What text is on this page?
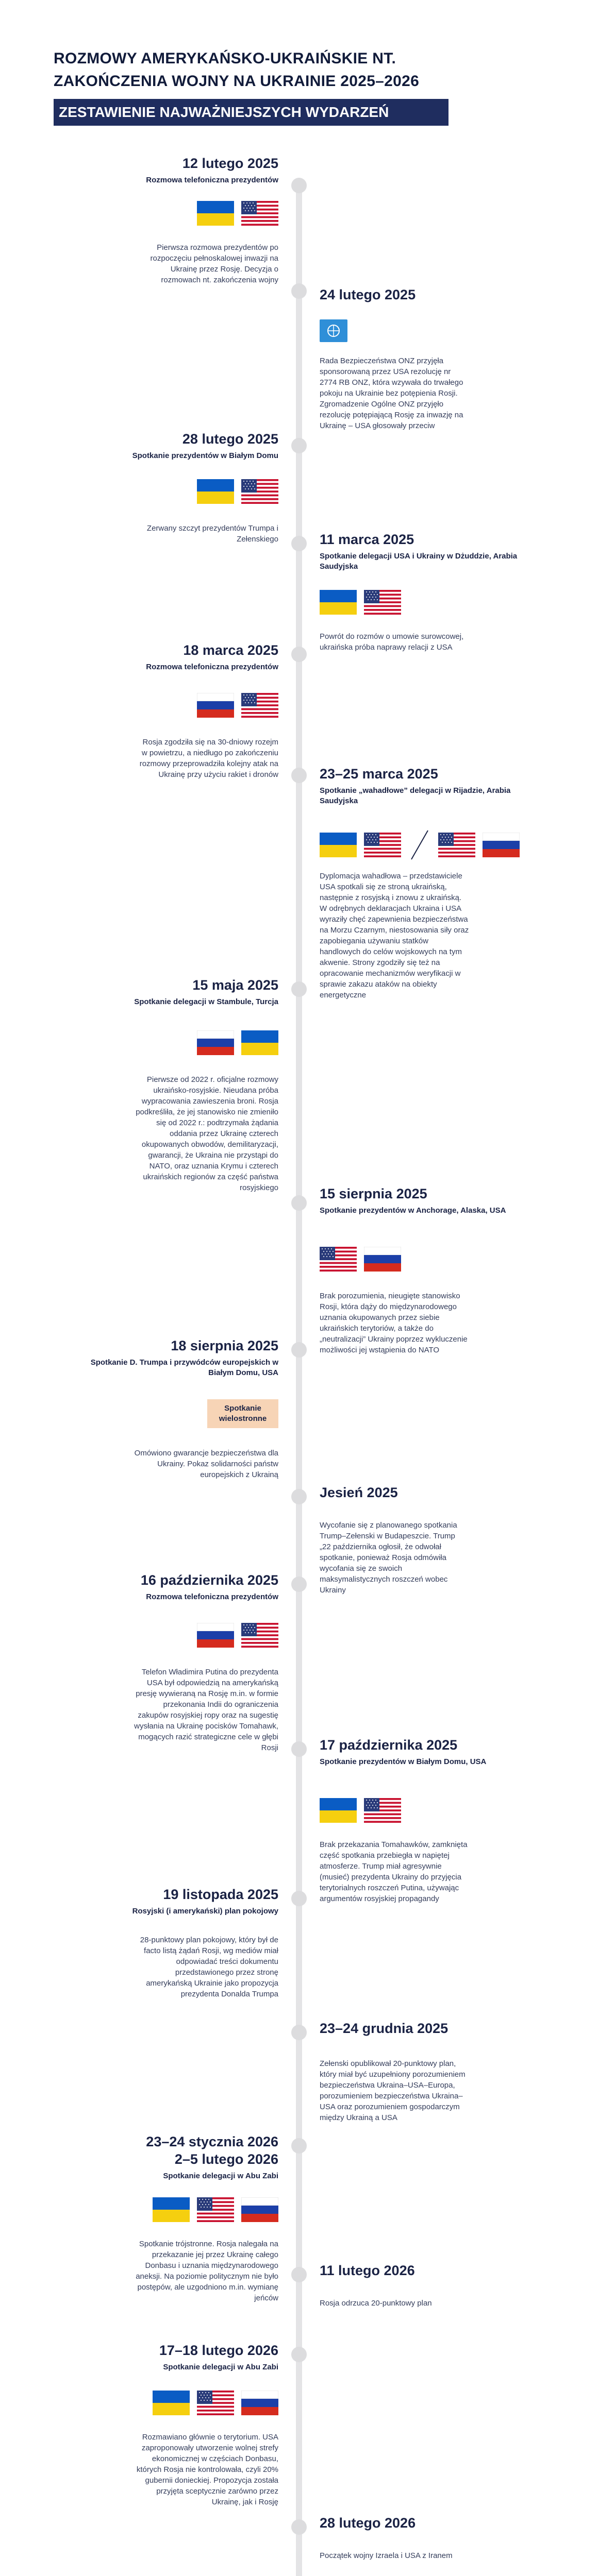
ROZMOWY AMERYKAŃSKO-UKRAIŃSKIE NT. ZAKOŃCZENIA WOJNY NA UKRAINIE 2025–2026
ZESTAWIENIE NAJWAŻNIEJSZYCH WYDARZEŃ
12 lutego 2025
Rozmowa telefoniczna prezydentów
Pierwsza rozmowa prezydentów po rozpoczęciu pełnoskalowej inwazji na Ukrainę przez Rosję. Decyzja o rozmowach nt. zakończenia wojny
24 lutego 2025
Rada Bezpieczeństwa ONZ przyjęła sponsorowaną przez USA rezolucję nr 2774 RB ONZ, która wzywała do trwałego pokoju na Ukrainie bez potępienia Rosji. Zgromadzenie Ogólne ONZ przyjęło rezolucję potępiającą Rosję za inwazję na Ukrainę – USA głosowały przeciw
28 lutego 2025
Spotkanie prezydentów w Białym Domu
Zerwany szczyt prezydentów Trumpa i Zełenskiego	11 marca 2025
Spotkanie delegacji USA i Ukrainy w Dżuddzie, Arabia Saudyjska
Powrót do rozmów o umowie surowcowej, ukraińska próba naprawy relacji z USA
18 marca 2025
Rozmowa telefoniczna prezydentów
Rosja zgodziła się na 30-dniowy rozejm w powietrzu, a niedługo po zakończeniu rozmowy przeprowadziła kolejny atak na Ukrainę przy użyciu rakiet i dronów	23–25 marca 2025
Spotkanie „wahadłowe” delegacji w Rijadzie, Arabia Saudyjska
Dyplomacja wahadłowa – przedstawiciele USA spotkali się ze stroną ukraińską, następnie z rosyjską i znowu z ukraińską. W odrębnych deklaracjach Ukraina i USA wyraziły chęć zapewnienia bezpieczeństwa na Morzu Czarnym, niestosowania siły oraz zapobiegania używaniu statków handlowych do celów wojskowych na tym akwenie. Strony zgodziły się też na opracowanie mechanizmów weryfikacji w sprawie zakazu ataków na obiekty energetyczne
15 maja 2025
Spotkanie delegacji w Stambule, Turcja
Pierwsze od 2022 r. oficjalne rozmowy ukraińsko-rosyjskie. Nieudana próba wypracowania zawieszenia broni. Rosja podkreśliła, że jej stanowisko nie zmieniło się od 2022 r.: podtrzymała żądania oddania przez Ukrainę czterech okupowanych obwodów, demilitaryzacji, gwarancji, że Ukraina nie przystąpi do NATO, oraz uznania Krymu i czterech ukraińskich regionów za część państwa rosyjskiego	15 sierpnia 2025
Spotkanie prezydentów w Anchorage, Alaska, USA
Brak porozumienia, nieugięte stanowisko Rosji, która dąży do międzynarodowego uznania okupowanych przez siebie ukraińskich terytoriów, a także do „neutralizacji” Ukrainy poprzez wykluczenie możliwości jej wstąpienia do NATO
18 sierpnia 2025
Spotkanie D. Trumpa i przywódców europejskich w Białym Domu, USA
Spotkanie wielostronne
Omówiono gwarancje bezpieczeństwa dla Ukrainy. Pokaz solidarności państw europejskich z Ukrainą
Jesień 2025
Wycofanie się z planowanego spotkania Trump–Zełenski w Budapeszcie. Trump „22 października ogłosił, że odwołał spotkanie, ponieważ Rosja odmówiła wycofania się ze swoich maksymalistycznych roszczeń wobec Ukrainy
16 października 2025
Rozmowa telefoniczna prezydentów
Telefon Władimira Putina do prezydenta USA był odpowiedzią na amerykańską presję wywieraną na Rosję m.in. w formie przekonania Indii do ograniczenia zakupów rosyjskiej ropy oraz na sugestię wysłania na Ukrainę pocisków Tomahawk, mogących razić strategiczne cele w głębi Rosji	17 października 2025
Spotkanie prezydentów w Białym Domu, USA
Brak przekazania Tomahawków, zamknięta część spotkania przebiegła w napiętej atmosferze. Trump miał agresywnie (musieć) prezydenta Ukrainy do przyjęcia terytorialnych roszczeń Putina, używając argumentów rosyjskiej propagandy
19 listopada 2025
Rosyjski (i amerykański) plan pokojowy
28-punktowy plan pokojowy, który był de facto listą żądań Rosji, wg mediów miał odpowiadać treści dokumentu przedstawionego przez stronę amerykańską Ukrainie jako propozycja prezydenta Donalda Trumpa
23–24 grudnia 2025
Zełenski opublikował 20-punktowy plan, który miał być uzupełniony porozumieniem bezpieczeństwa Ukraina–USA–Europa, porozumieniem bezpieczeństwa Ukraina–USA oraz porozumieniem gospodarczym między Ukrainą a USA
23–24 stycznia 2026
2–5 lutego 2026
Spotkanie delegacji w Abu Zabi
Spotkanie trójstronne. Rosja nalegała na przekazanie jej przez Ukrainę całego Donbasu i uznania międzynarodowego aneksji. Na poziomie politycznym nie było postępów, ale uzgodniono m.in. wymianę jeńców
11 lutego 2026
Rosja odrzuca 20-punktowy plan
17–18 lutego 2026
Spotkanie delegacji w Abu Zabi
Rozmawiano głównie o terytorium. USA zaproponowały utworzenie wolnej strefy ekonomicznej w częściach Donbasu, których Rosja nie kontrolowała, czyli 20% gubernii donieckiej. Propozycja została przyjęta sceptycznie zarówno przez Ukrainę, jak i Rosję
28 lutego 2026
Początek wojny Izraela i USA z Iranem
